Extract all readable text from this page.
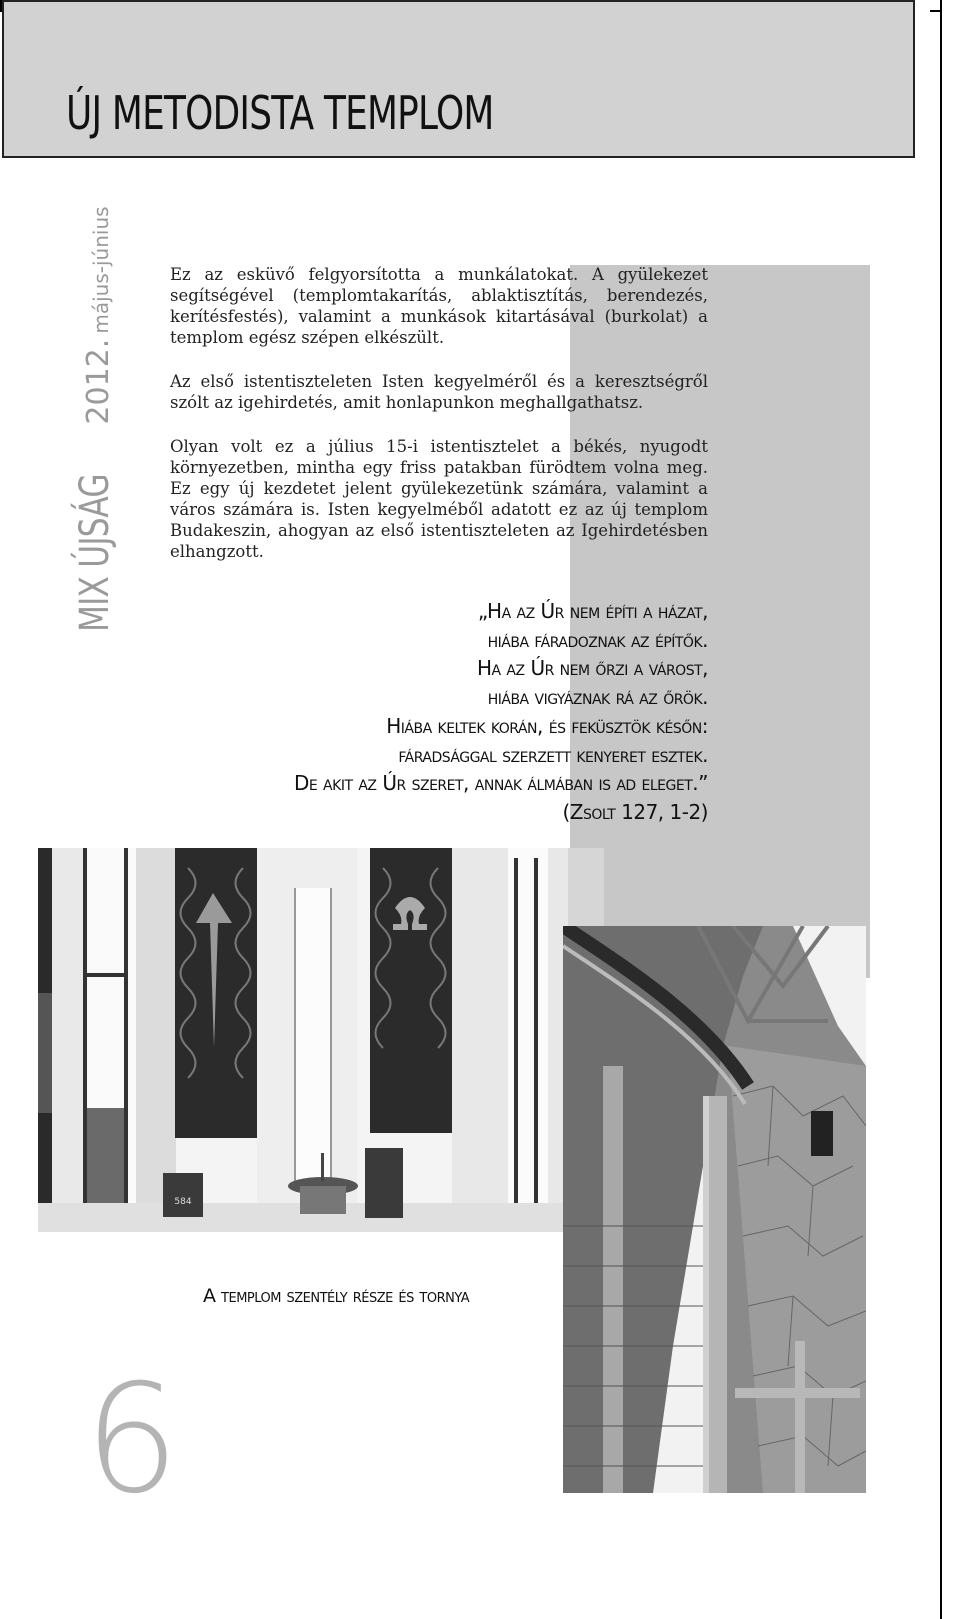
ÚJ METODISTA TEMPLOM
MIX ÚJSÁG 2012. május-június	Ez az esküvő felgyorsította a munkálatokat. A gyülekezet segítségével (templomtakarítás, ablaktisztítás, berendezés, kerítésfestés), valamint a munkások kitartásával (burkolat) a templom egész szépen elkészült.

Az első istentiszteleten Isten kegyelméről és a keresztségről szólt az igehirdetés, amit honlapunkon meghallgathatsz.

Olyan volt ez a július 15-i istentisztelet a békés, nyugodt környezetben, mintha egy friss patakban fürödtem volna meg. Ez egy új kezdetet jelent gyülekezetünk számára, valamint a város számára is. Isten kegyelméből adatott ez az új templom Budakeszin, ahogyan az első istentiszteleten az Igehirdetésben elhangzott.

„Ha az Úr nem építi a házat,
hiába fáradoznak az építők.
Ha az Úr nem őrzi a várost,
hiába vigyáznak rá az őrök.
Hiába keltek korán, és feküsztök későn:
fáradsággal szerzett kenyeret esztek.
De akit az Úr szeret, annak álmában is ad eleget.”
(Zsolt 127, 1-2)
584
A templom szentély része és tornya
6
